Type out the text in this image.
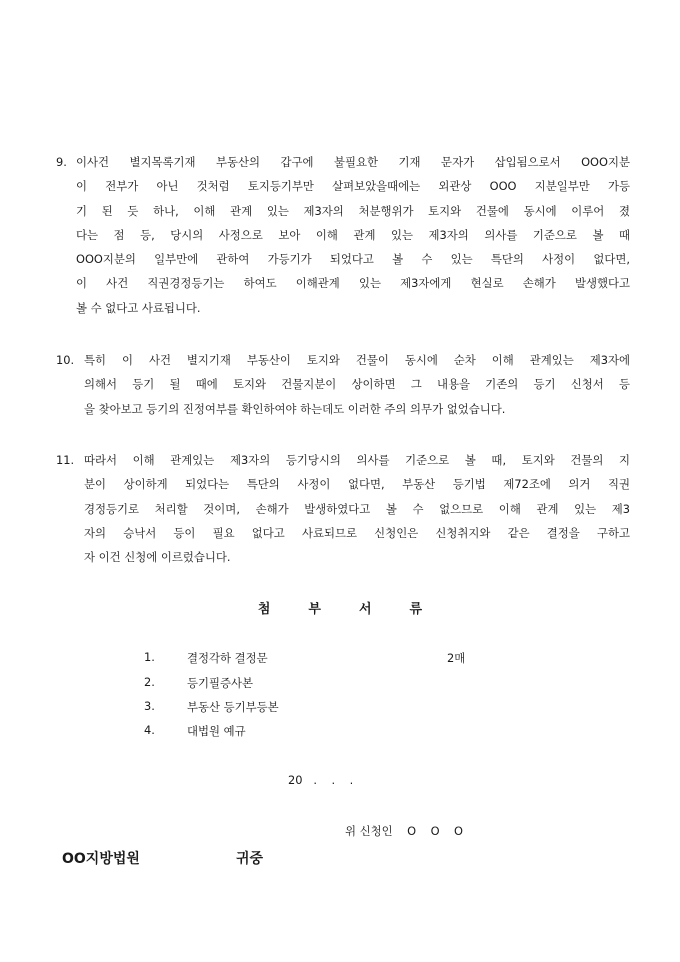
9. 이사건 별지목록기재 부동산의 갑구에 불필요한 기재 문자가 삽입됨으로서 OOO지분
이 전부가 아닌 것처럼 토지등기부만 살펴보았을때에는 외관상 OOO 지분일부만 가등
기 된 듯 하나, 이해 관계 있는 제3자의 처분행위가 토지와 건물에 동시에 이루어 졌
다는 점 등, 당시의 사정으로 보아 이해 관계 있는 제3자의 의사를 기준으로 볼 때
OOO지분의 일부만에 관하여 가등기가 되었다고 볼 수 있는 특단의 사정이 없다면,
이 사건 직권경정등기는 하여도 이해관계 있는 제3자에게 현실로 손해가 발생했다고
볼 수 없다고 사료됩니다.
10. 특히 이 사건 별지기재 부동산이 토지와 건물이 동시에 순차 이해 관계있는 제3자에
의해서 등기 될 때에 토지와 건물지분이 상이하면 그 내용을 기존의 등기 신청서 등
을 찾아보고 등기의 진정여부를 확인하여야 하는데도 이러한 주의 의무가 없었습니다.
11. 따라서 이해 관계있는 제3자의 등기당시의 의사를 기준으로 볼 때, 토지와 건물의 지
분이 상이하게 되었다는 특단의 사정이 없다면, 부동산 등기법 제72조에 의거 직권
경정등기로 처리할 것이며, 손해가 발생하였다고 볼 수 없으므로 이해 관계 있는 제3
자의 승낙서 등이 필요 없다고 사료되므로 신청인은 신청취지와 같은 결정을 구하고
자 이건 신청에 이르렀습니다.
첨부서류
1.	결정각하 결정문	2매
2.	등기필증사본
3.	부동산 등기부등본
4.	대법원 예규
20   .    .    .
위 신청인    O    O    O
OO지방법원	귀중
